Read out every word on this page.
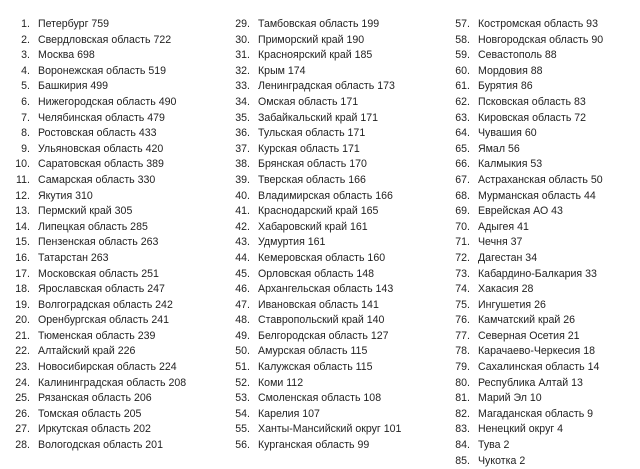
1. Петербург 759
2. Свердловская область 722
3. Москва 698
4. Воронежская область 519
5. Башкирия 499
6. Нижегородская область 490
7. Челябинская область 479
8. Ростовская область 433
9. Ульяновская область 420
10. Саратовская область 389
11. Самарская область 330
12. Якутия 310
13. Пермский край 305
14. Липецкая область 285
15. Пензенская область 263
16. Татарстан 263
17. Московская область 251
18. Ярославская область 247
19. Волгоградская область 242
20. Оренбургская область 241
21. Тюменская область 239
22. Алтайский край 226
23. Новосибирская область 224
24. Калининградская область 208
25. Рязанская область 206
26. Томская область 205
27. Иркутская область 202
28. Вологодская область 201
29. Тамбовская область 199
30. Приморский край 190
31. Красноярский край 185
32. Крым 174
33. Ленинградская область 173
34. Омская область 171
35. Забайкальский край 171
36. Тульская область 171
37. Курская область 171
38. Брянская область 170
39. Тверская область 166
40. Владимирская область 166
41. Краснодарский край 165
42. Хабаровский край 161
43. Удмуртия 161
44. Кемеровская область 160
45. Орловская область 148
46. Архангельская область 143
47. Ивановская область 141
48. Ставропольский край 140
49. Белгородская область 127
50. Амурская область 115
51. Калужская область 115
52. Коми 112
53. Смоленская область 108
54. Карелия 107
55. Ханты-Мансийский округ 101
56. Курганская область 99
57. Костромская область 93
58. Новгородская область 90
59. Севастополь 88
60. Мордовия 88
61. Бурятия 86
62. Псковская область 83
63. Кировская область 72
64. Чувашия 60
65. Ямал 56
66. Калмыкия 53
67. Астраханская область 50
68. Мурманская область 44
69. Еврейская АО 43
70. Адыгея 41
71. Чечня 37
72. Дагестан 34
73. Кабардино-Балкария 33
74. Хакасия 28
75. Ингушетия 26
76. Камчатский край 26
77. Северная Осетия 21
78. Карачаево-Черкесия 18
79. Сахалинская область 14
80. Республика Алтай 13
81. Марий Эл 10
82. Магаданская область 9
83. Ненецкий округ 4
84. Тува 2
85. Чукотка 2
